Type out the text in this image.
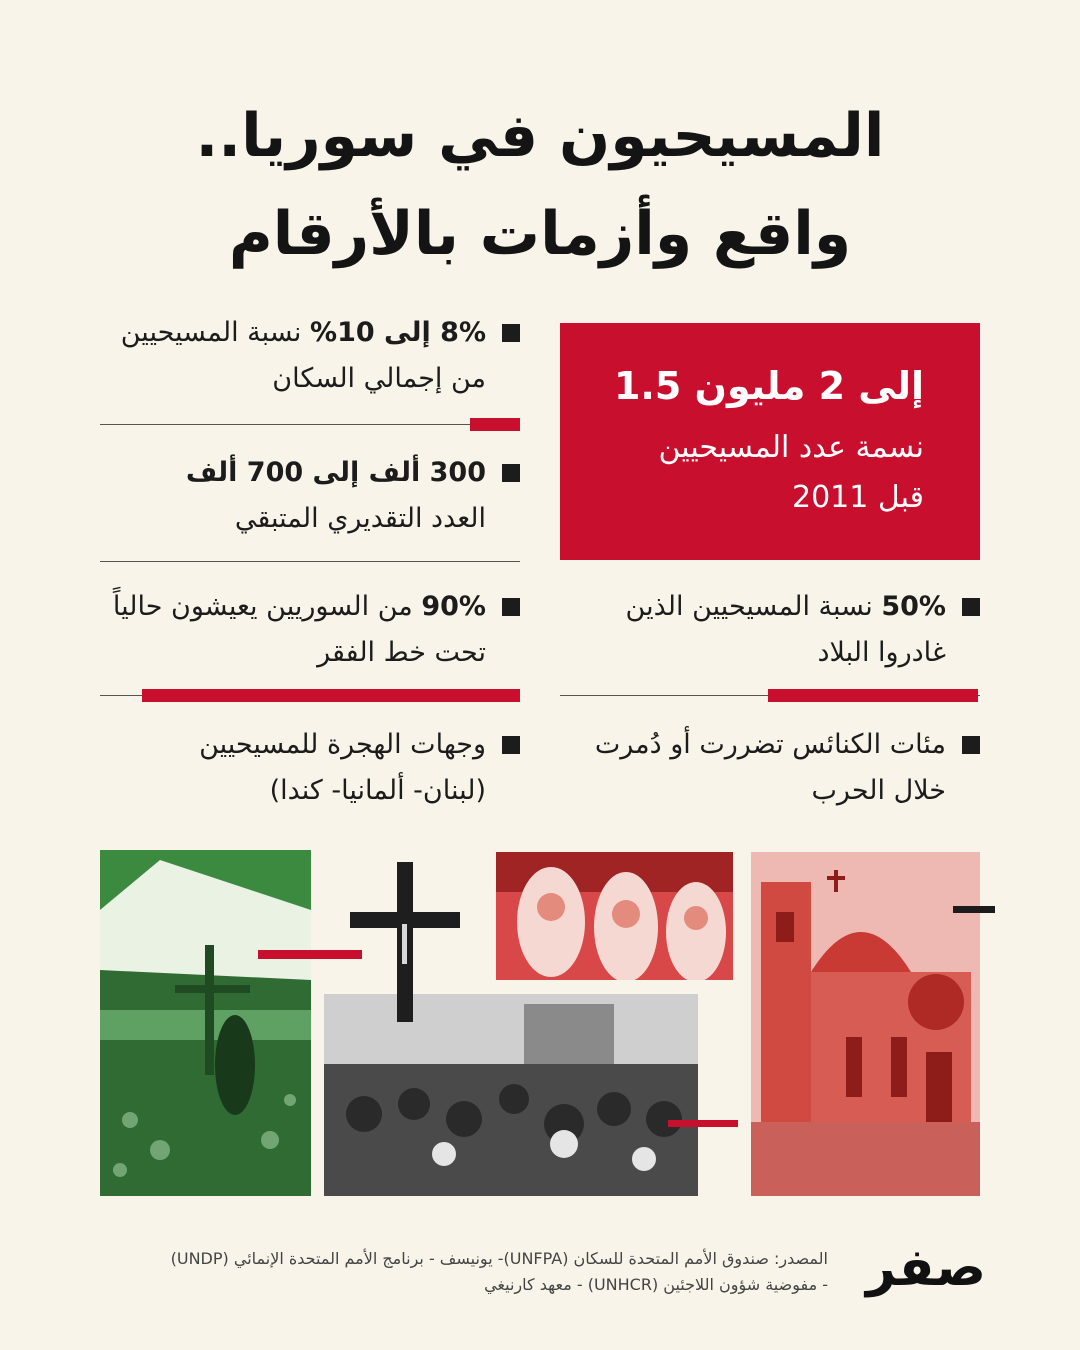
المسيحيون في سوريا..
واقع وأزمات بالأرقام
1.5 إلى 2 مليون
نسمة عدد المسيحيين
قبل 2011
8% إلى 10% نسبة المسيحيين
من إجمالي السكان
300 ألف إلى 700 ألف
العدد التقديري المتبقي
90% من السوريين يعيشون حالياً
تحت خط الفقر
50% نسبة المسيحيين الذين
غادروا البلاد
وجهات الهجرة للمسيحيين
(لبنان- ألمانيا- كندا)
مئات الكنائس تضررت أو دُمرت
خلال الحرب
المصدر: صندوق الأمم المتحدة للسكان (UNFPA)- يونيسف - برنامج الأمم المتحدة الإنمائي (UNDP)
- مفوضية شؤون اللاجئين (UNHCR) - معهد كارنيغي صفر
